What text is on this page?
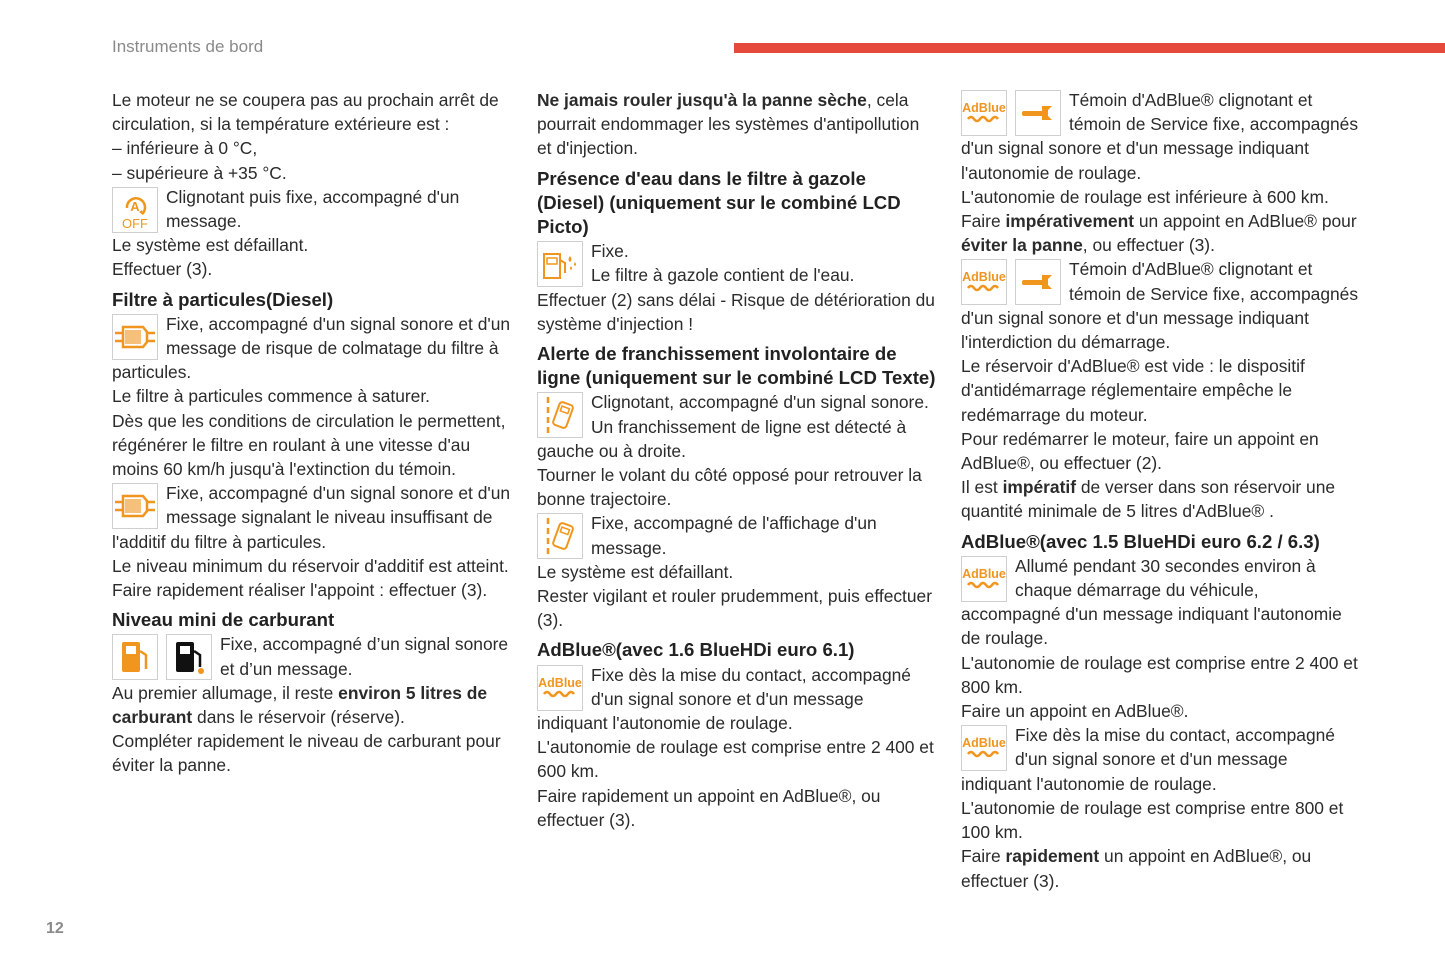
Instruments de bord
Le moteur ne se coupera pas au prochain arrêt de circulation, si la température extérieure est :
– inférieure à 0 °C,
– supérieure à +35 °C.
A
OFF
Clignotant puis fixe, accompagné d'un message.
Le système est défaillant.
Effectuer (3).
Filtre à particules(Diesel)
Fixe, accompagné d'un signal sonore et d'un message de risque de colmatage du filtre à particules.
Le filtre à particules commence à saturer.
Dès que les conditions de circulation le permettent, régénérer le filtre en roulant à une vitesse d'au moins 60 km/h jusqu'à l'extinction du témoin.
Fixe, accompagné d'un signal sonore et d'un message signalant le niveau insuffisant de l'additif du filtre à particules.
Le niveau minimum du réservoir d'additif est atteint.
Faire rapidement réaliser l'appoint : effectuer (3).
Niveau mini de carburant
Fixe, accompagné d’un signal sonore et d’un message.
Au premier allumage, il reste environ 5 litres de carburant dans le réservoir (réserve).
Compléter rapidement le niveau de carburant pour éviter la panne.
Ne jamais rouler jusqu'à la panne sèche, cela pourrait endommager les systèmes d'antipollution et d'injection.
Présence d'eau dans le filtre à gazole (Diesel) (uniquement sur le combiné LCD Picto)
Fixe.
Le filtre à gazole contient de l'eau.
Effectuer (2) sans délai - Risque de détérioration du système d'injection !
Alerte de franchissement involontaire de ligne (uniquement sur le combiné LCD Texte)
Clignotant, accompagné d'un signal sonore.
Un franchissement de ligne est détecté à gauche ou à droite.
Tourner le volant du côté opposé pour retrouver la bonne trajectoire.
Fixe, accompagné de l'affichage d'un message.
Le système est défaillant.
Rester vigilant et rouler prudemment, puis effectuer (3).
AdBlue®(avec 1.6 BlueHDi euro 6.1)
AdBlue Fixe dès la mise du contact, accompagné d'un signal sonore et d'un message indiquant l'autonomie de roulage.
L'autonomie de roulage est comprise entre 2 400 et 600 km.
Faire rapidement un appoint en AdBlue®, ou effectuer (3).
AdBlue	Témoin d'AdBlue® clignotant et témoin de Service fixe, accompagnés d'un signal sonore et d'un message indiquant l'autonomie de roulage.
L'autonomie de roulage est inférieure à 600 km.
Faire impérativement un appoint en AdBlue® pour éviter la panne, ou effectuer (3).
AdBlue	Témoin d'AdBlue® clignotant et témoin de Service fixe, accompagnés d'un signal sonore et d'un message indiquant l'interdiction du démarrage.
Le réservoir d'AdBlue® est vide : le dispositif d'antidémarrage réglementaire empêche le redémarrage du moteur.
Pour redémarrer le moteur, faire un appoint en AdBlue®, ou effectuer (2).
Il est impératif de verser dans son réservoir une quantité minimale de 5 litres d'AdBlue® .
AdBlue®(avec 1.5 BlueHDi euro 6.2 / 6.3)
AdBlue Allumé pendant 30 secondes environ à chaque démarrage du véhicule, accompagné d'un message indiquant l'autonomie de roulage.
L'autonomie de roulage est comprise entre 2 400 et 800 km.
Faire un appoint en AdBlue®.
AdBlue Fixe dès la mise du contact, accompagné d'un signal sonore et d'un message indiquant l'autonomie de roulage.
L'autonomie de roulage est comprise entre 800 et 100 km.
Faire rapidement un appoint en AdBlue®, ou effectuer (3).
12
